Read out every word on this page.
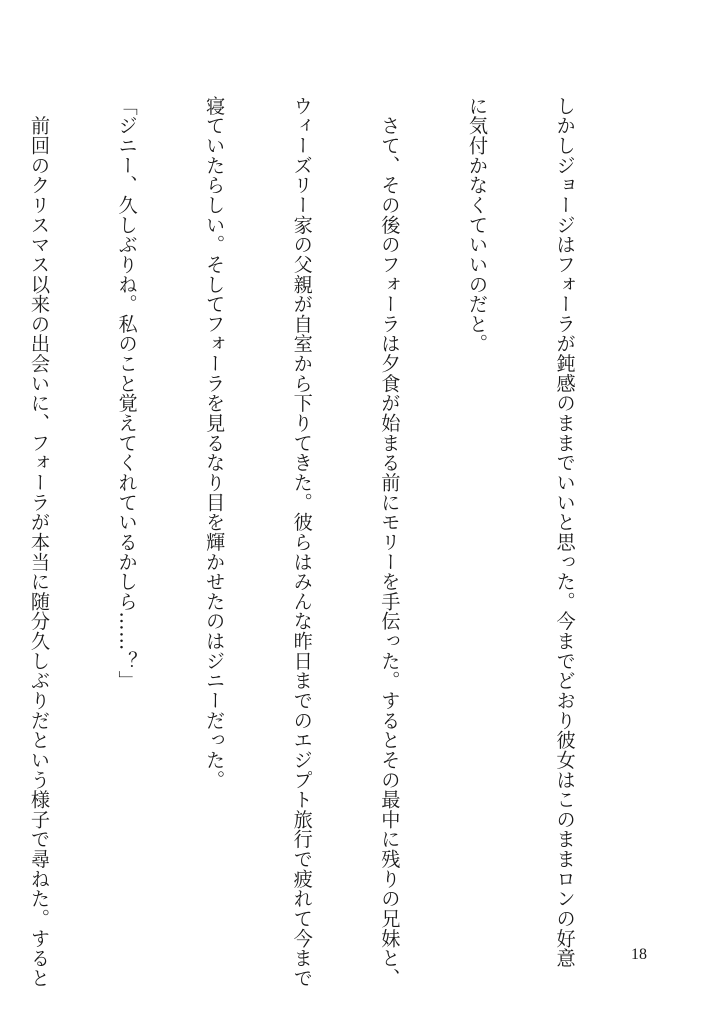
しかしジョージはフォーラが鈍感のままでいいと思った。今までどおり彼女はこのままロンの好意

に気付かなくていいのだと。

　さて、その後のフォーラは夕食が始まる前にモリーを手伝った。するとその最中に残りの兄妹と、

ウィーズリー家の父親が自室から下りてきた。彼らはみんな昨日までのエジプト旅行で疲れて今まで

寝ていたらしい。そしてフォーラを見るなり目を輝かせたのはジニーだった。

「ジニー、久しぶりね。私のこと覚えてくれているかしら……？」

　前回のクリスマス以来の出会いに、フォーラが本当に随分久しぶりだという様子で尋ねた。すると

	18
